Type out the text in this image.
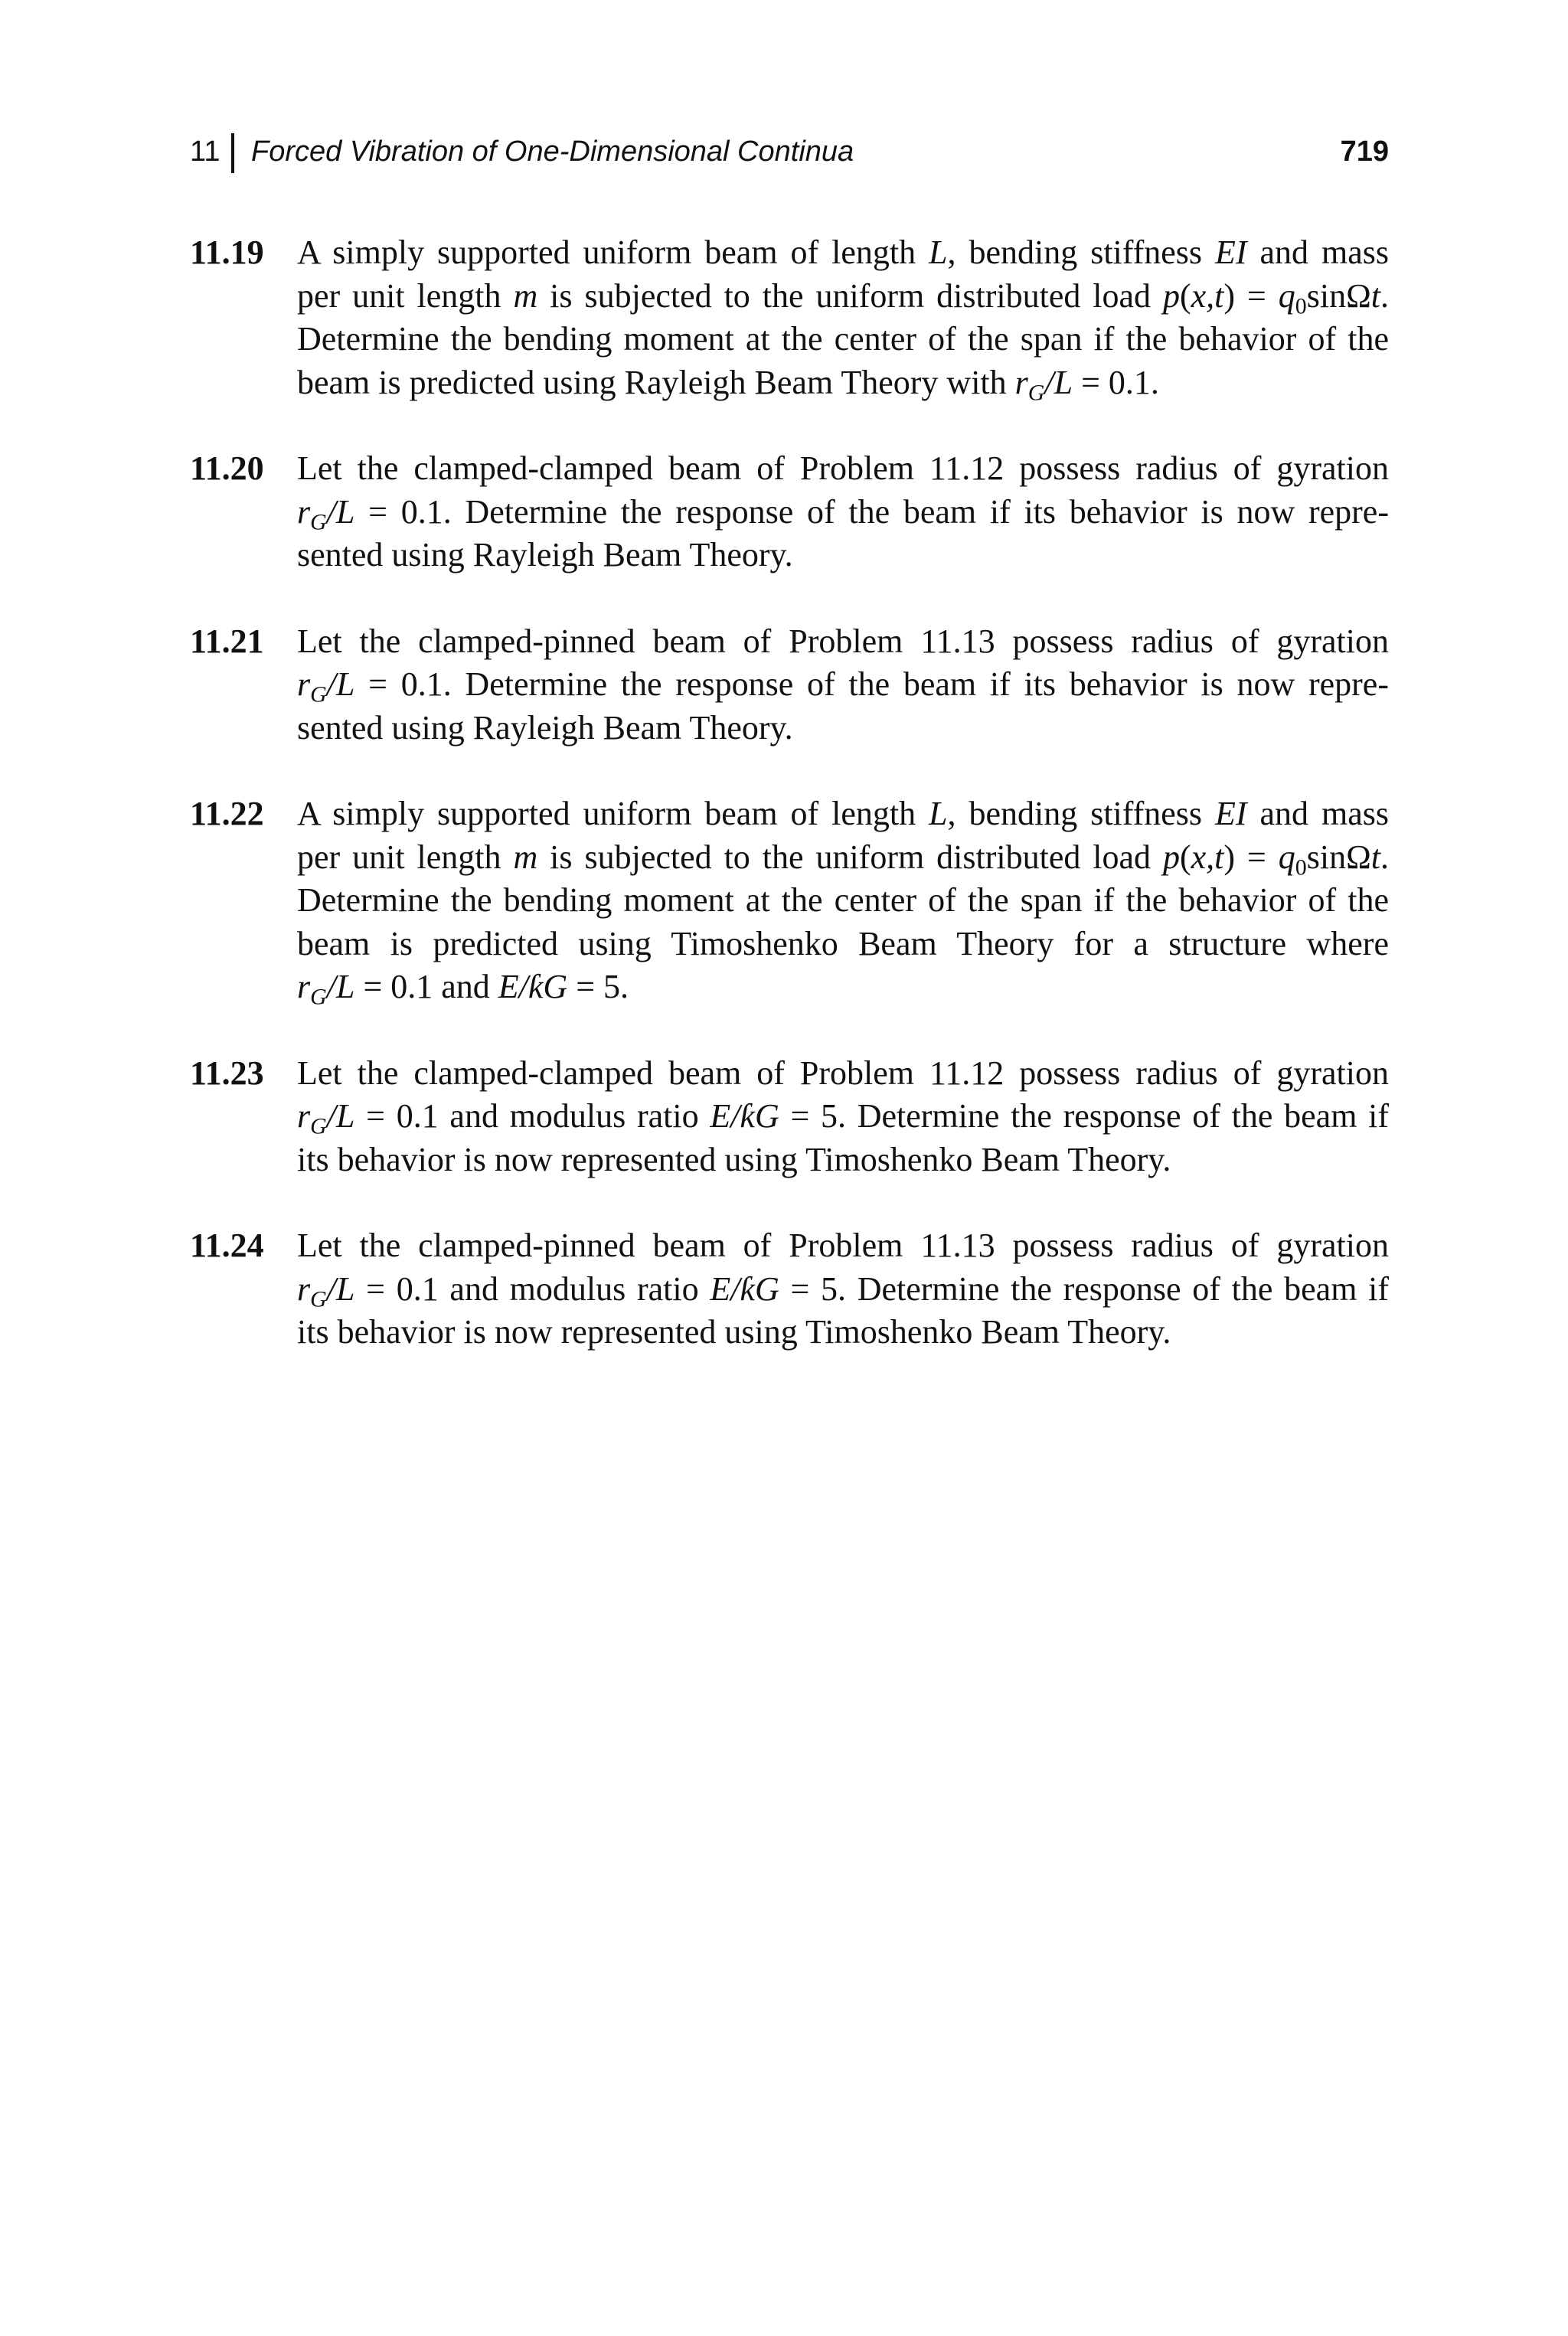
11 Forced Vibration of One-Dimensional Continua	719
11.19 A simply supported uniform beam of length L, bending stiffness EI and mass
per unit length m is subjected to the uniform distributed load $p(x,t) = q_0\sin\Omega t$.
Determine the bending moment at the center of the span if the behavior of the
beam is predicted using Rayleigh Beam Theory with $r_G/L = 0.1$.
11.20 Let the clamped-clamped beam of Problem 11.12 possess radius of gyration
$r_G/L = 0.1$. Determine the response of the beam if its behavior is now repre-
sented using Rayleigh Beam Theory.
11.21 Let the clamped-pinned beam of Problem 11.13 possess radius of gyration
$r_G/L = 0.1$. Determine the response of the beam if its behavior is now repre-
sented using Rayleigh Beam Theory.
11.22 A simply supported uniform beam of length L, bending stiffness EI and mass
per unit length m is subjected to the uniform distributed load $p(x,t) = q_0\sin\Omega t$.
Determine the bending moment at the center of the span if the behavior of the
beam is predicted using Timoshenko Beam Theory for a structure where
$r_G/L = 0.1$ and E/ƙG = 5.
11.23 Let the clamped-clamped beam of Problem 11.12 possess radius of gyration
$r_G/L = 0.1$ and modulus ratio E/ƙG = 5. Determine the response of the beam if
its behavior is now represented using Timoshenko Beam Theory.
11.24 Let the clamped-pinned beam of Problem 11.13 possess radius of gyration
$r_G/L = 0.1$ and modulus ratio E/ƙG = 5. Determine the response of the beam if
its behavior is now represented using Timoshenko Beam Theory.
